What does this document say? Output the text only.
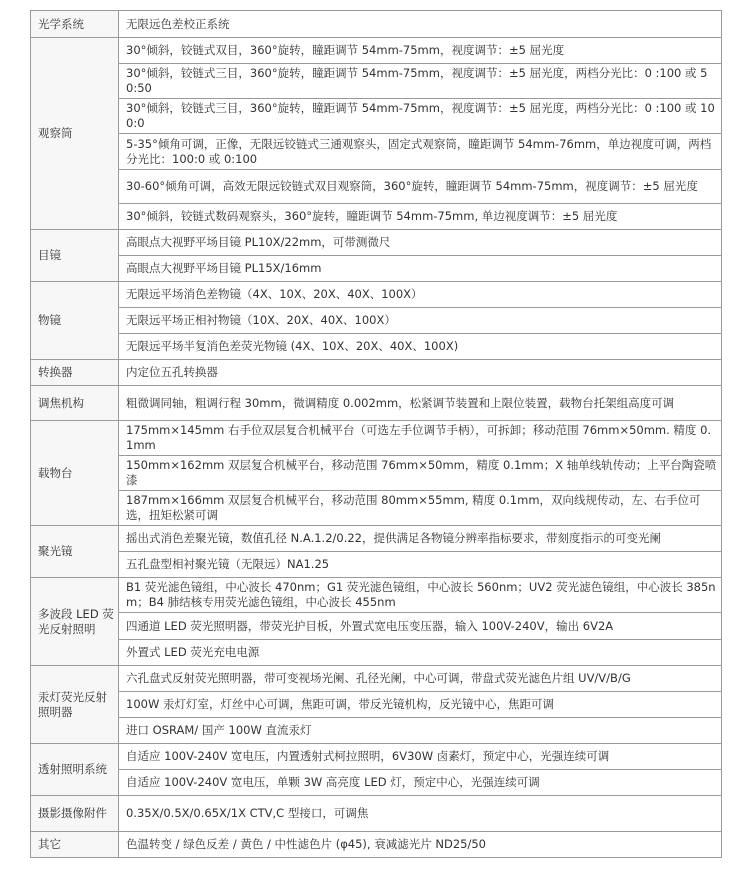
光学系统	无限远色差校正系统
观察筒	30°倾斜，铰链式双目，360°旋转，瞳距调节 54mm-75mm，视度调节：±5 屈光度
	30°倾斜，铰链式三目，360°旋转，瞳距调节 54mm-75mm，视度调节：±5 屈光度，两档分光比：0 :100 或 50:50
	30°倾斜，铰链式三目，360°旋转，瞳距调节 54mm-75mm，视度调节：±5 屈光度，两档分光比：0 :100 或 100:0
	5-35°倾角可调，正像，无限远铰链式三通观察头，固定式观察筒，瞳距调节 54mm-76mm，单边视度可调，两档分光比：100:0 或 0:100
	30-60°倾角可调，高效无限远铰链式双目观察筒，360°旋转，瞳距调节 54mm-75mm，视度调节：±5 屈光度
	30°倾斜，铰链式数码观察头，360°旋转，瞳距调节 54mm-75mm, 单边视度调节：±5 屈光度
目镜	高眼点大视野平场目镜 PL10X/22mm，可带测微尺
	高眼点大视野平场目镜 PL15X/16mm
物镜	无限远平场消色差物镜（4X、10X、20X、40X、100X）
	无限远平场正相衬物镜（10X、20X、40X、100X）
	无限远平场半复消色差荧光物镜 (4X、10X、20X、40X、100X)
转换器	内定位五孔转换器
调焦机构	粗微调同轴，粗调行程 30mm，微调精度 0.002mm，松紧调节装置和上限位装置，载物台托架组高度可调
载物台	175mm×145mm 右手位双层复合机械平台（可选左手位调节手柄），可拆卸；移动范围 76mm×50mm. 精度 0.1mm
	150mm×162mm 双层复合机械平台，移动范围 76mm×50mm，精度 0.1mm；X 轴单线轨传动；上平台陶瓷喷漆
	187mm×166mm 双层复合机械平台，移动范围 80mm×55mm, 精度 0.1mm，双向线规传动，左、右手位可选，扭矩松紧可调
聚光镜	摇出式消色差聚光镜，数值孔径 N.A.1.2/0.22，提供满足各物镜分辨率指标要求，带刻度指示的可变光阑
	五孔盘型相衬聚光镜（无限远）NA1.25
多波段 LED 荧光反射照明	B1 荧光滤色镜组，中心波长 470nm；G1 荧光滤色镜组，中心波长 560nm；UV2 荧光滤色镜组，中心波长 385nm；B4 肺结核专用荧光滤色镜组，中心波长 455nm
	四通道 LED 荧光照明器，带荧光护目板，外置式宽电压变压器，输入 100V-240V，输出 6V2A
	外置式 LED 荧光充电电源
汞灯荧光反射照明器	六孔盘式反射荧光照明器，带可变视场光阑、孔径光阑，中心可调，带盘式荧光滤色片组 UV/V/B/G
	100W 汞灯灯室，灯丝中心可调，焦距可调，带反光镜机构，反光镜中心，焦距可调
	进口 OSRAM/ 国产 100W 直流汞灯
透射照明系统	自适应 100V-240V 宽电压，内置透射式柯拉照明，6V30W 卤素灯，预定中心，光强连续可调
	自适应 100V-240V 宽电压，单颗 3W 高亮度 LED 灯，预定中心，光强连续可调
摄影摄像附件	0.35X/0.5X/0.65X/1X CTV,C 型接口，可调焦
其它	色温转变 / 绿色反差 / 黄色 / 中性滤色片 (φ45), 衰减滤光片 ND25/50
